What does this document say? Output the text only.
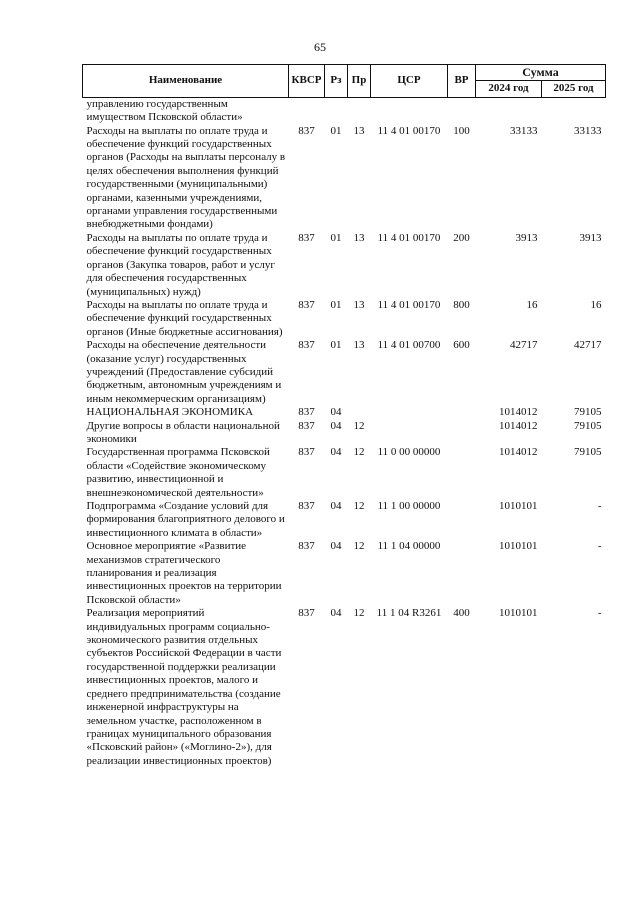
65
Наименование	КВСР	Рз	Пр	ЦСР	ВР	Сумма	
						2024 год	2025 год
управлению государственным имуществом Псковской области»							
Расходы на выплаты по оплате труда и обеспечение функций государственных органов (Расходы на выплаты персоналу в целях обеспечения выполнения функций государственными (муниципальными) органами, казенными учреждениями, органами управления государственными внебюджетными фондами)	837	01	13	11 4 01 00170	100	33133	33133
Расходы на выплаты по оплате труда и обеспечение функций государственных органов (Закупка товаров, работ и услуг для обеспечения государственных (муниципальных) нужд)	837	01	13	11 4 01 00170	200	3913	3913
Расходы на выплаты по оплате труда и обеспечение функций государственных органов (Иные бюджетные ассигнования)	837	01	13	11 4 01 00170	800	16	16
Расходы на обеспечение деятельности (оказание услуг) государственных учреждений (Предоставление субсидий бюджетным, автономным учреждениям и иным некоммерческим организациям)	837	01	13	11 4 01 00700	600	42717	42717
НАЦИОНАЛЬНАЯ ЭКОНОМИКА	837	04				1014012	79105
Другие вопросы в области национальной экономики	837	04	12			1014012	79105
Государственная программа Псковской области «Содействие экономическому развитию, инвестиционной и внешнеэкономической деятельности»	837	04	12	11 0 00 00000		1014012	79105
Подпрограмма «Создание условий для формирования благоприятного делового и инвестиционного климата в области»	837	04	12	11 1 00 00000		1010101	-
Основное мероприятие «Развитие механизмов стратегического планирования и реализация инвестиционных проектов на территории Псковской области»	837	04	12	11 1 04 00000		1010101	-
Реализация мероприятий индивидуальных программ социально-экономического развития отдельных субъектов Российской Федерации в части государственной поддержки реализации инвестиционных проектов, малого и среднего предпринимательства (создание инженерной инфраструктуры на земельном участке, расположенном в границах муниципального образования «Псковский район» («Моглино-2»), для реализации инвестиционных проектов)	837	04	12	11 1 04 R3261	400	1010101	-
